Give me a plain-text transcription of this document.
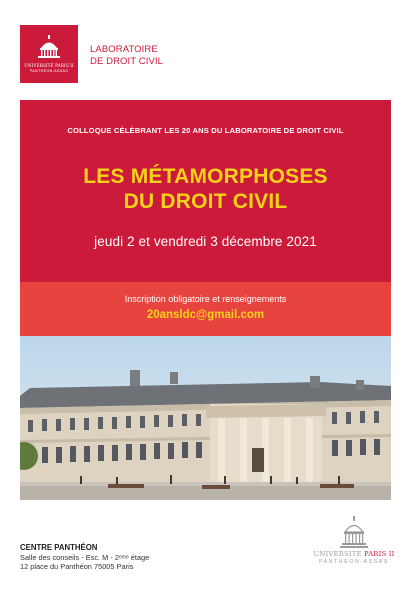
UNIVERSITÉ PARIS II
PANTHÉON-ASSAS
LABORATOIRE
DE DROIT CIVIL
COLLOQUE CÉLÉBRANT LES 20 ANS DU LABORATOIRE DE DROIT CIVIL
LES MÉTAMORPHOSES
DU DROIT CIVIL
jeudi 2 et vendredi 3 décembre 2021
Inscription obligatoire et renseignements
20ansldc@gmail.com
CENTRE PANTHÉON
Salle des conseils - Esc. M - 2ᵉᵐᵉ étage
12 place du Panthéon 75005 Paris
UNIVERSITÉ PARIS II
PANTHÉON-ASSAS
